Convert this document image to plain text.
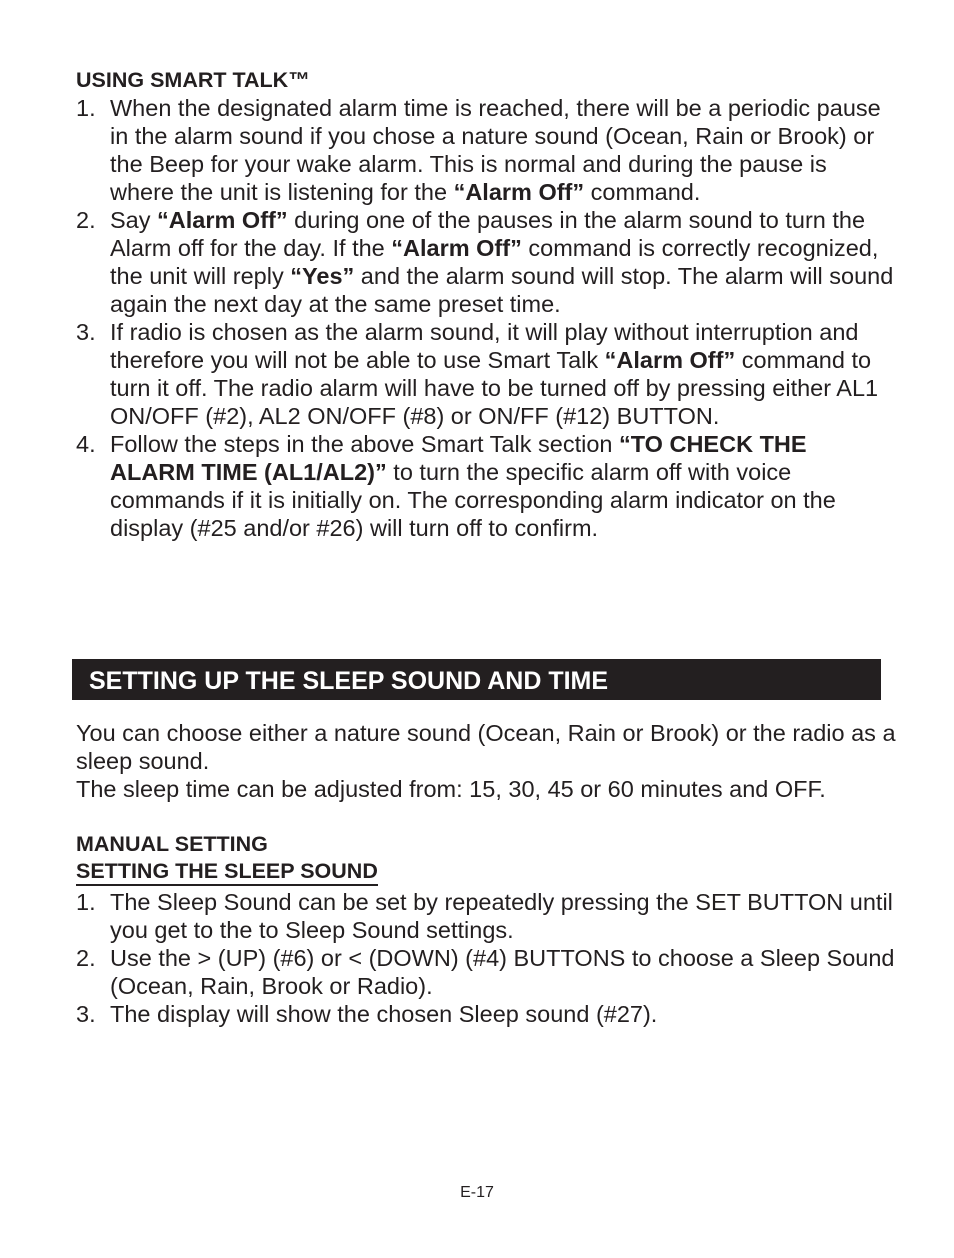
USING SMART TALK™
1. When the designated alarm time is reached, there will be a periodic pause in the alarm sound if you chose a nature sound (Ocean, Rain or Brook) or the Beep for your wake alarm. This is normal and during the pause is where the unit is listening for the “Alarm Off” command.
2. Say “Alarm Off” during one of the pauses in the alarm sound to turn the Alarm off for the day. If the “Alarm Off” command is correctly recognized, the unit will reply “Yes” and the alarm sound will stop. The alarm will sound again the next day at the same preset time.
3. If radio is chosen as the alarm sound, it will play without interruption and therefore you will not be able to use Smart Talk “Alarm Off” command to turn it off. The radio alarm will have to be turned off by pressing either AL1 ON/OFF (#2), AL2 ON/OFF (#8) or ON/FF (#12) BUTTON.
4. Follow the steps in the above Smart Talk section “TO CHECK THE ALARM TIME (AL1/AL2)” to turn the specific alarm off with voice commands if it is initially on. The corresponding alarm indicator on the display (#25 and/or #26) will turn off to confirm.
SETTING UP THE SLEEP SOUND AND TIME

You can choose either a nature sound (Ocean, Rain or Brook) or the radio as a sleep sound.
The sleep time can be adjusted from: 15, 30, 45 or 60 minutes and OFF.

MANUAL SETTING
SETTING THE SLEEP SOUND
1. The Sleep Sound can be set by repeatedly pressing the SET BUTTON until you get to the to Sleep Sound settings.
2. Use the > (UP) (#6) or < (DOWN) (#4) BUTTONS to choose a Sleep Sound (Ocean, Rain, Brook or Radio).
3. The display will show the chosen Sleep sound (#27).
E-17
